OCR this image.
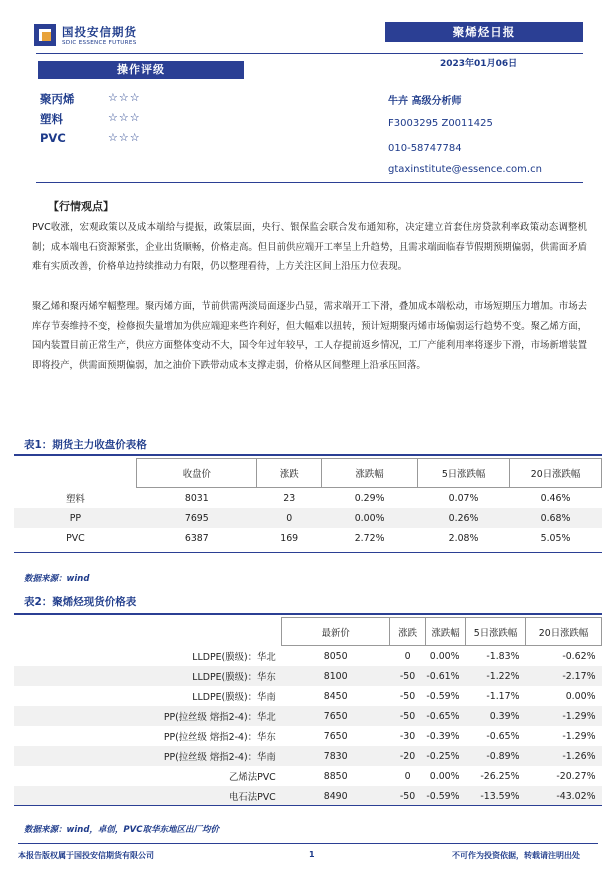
国投安信期货
SDIC ESSENCE FUTURES
聚烯烃日报
操作评级	2023年01月06日
聚丙烯	☆☆☆
塑料	☆☆☆
PVC	☆☆☆
牛卉 高级分析师
F3003295 Z0011425
010-58747784
gtaxinstitute@essence.com.cn
【行情观点】

PVC收涨，宏观政策以及成本端给与提振，政策层面，央行、银保监会联合发布通知称，决定建立首套住房贷款利率政策动态调整机制；成本端电石资源紧张，企业出货顺畅，价格走高。但目前供应端开工率呈上升趋势，且需求端面临春节假期预期偏弱，供需面矛盾难有实质改善，价格单边持续推动力有限，仍以整理看待，上方关注区间上沿压力位表现。

聚乙烯和聚丙烯窄幅整理。聚丙烯方面，节前供需两淡局面逐步凸显，需求端开工下滑，叠加成本端松动，市场短期压力增加。市场去库存节奏维持不变，检修损失量增加为供应端迎来些许利好，但大幅难以扭转，预计短期聚丙烯市场偏弱运行趋势不变。聚乙烯方面，国内装置目前正常生产，供应方面整体变动不大，国令年过年较早，工人存提前返乡情况，工厂产能利用率将逐步下滑，市场新增装置即将投产，供需面预期偏弱，加之油价下跌带动成本支撑走弱，价格从区间整理上沿承压回落。

表1：期货主力收盘价表格
	收盘价	涨跌	涨跌幅	5日涨跌幅	20日涨跌幅
塑料	8031	23	0.29%	0.07%	0.46%
PP	7695	0	0.00%	0.26%	0.68%
PVC	6387	169	2.72%	2.08%	5.05%
数据来源：wind
表2：聚烯烃现货价格表
	最新价	涨跌	涨跌幅	5日涨跌幅	20日涨跌幅
LLDPE(膜级)：华北	8050	0	0.00%	-1.83%	-0.62%
LLDPE(膜级)：华东	8100	-50	-0.61%	-1.22%	-2.17%
LLDPE(膜级)：华南	8450	-50	-0.59%	-1.17%	0.00%
PP(拉丝级 熔指2-4)：华北	7650	-50	-0.65%	0.39%	-1.29%
PP(拉丝级 熔指2-4)：华东	7650	-30	-0.39%	-0.65%	-1.29%
PP(拉丝级 熔指2-4)：华南	7830	-20	-0.25%	-0.89%	-1.26%
乙烯法PVC	8850	0	0.00%	-26.25%	-20.27%
电石法PVC	8490	-50	-0.59%	-13.59%	-43.02%
数据来源：wind，卓创，PVC取华东地区出厂均价
本报告版权属于国投安信期货有限公司	1	不可作为投资依据，转载请注明出处
